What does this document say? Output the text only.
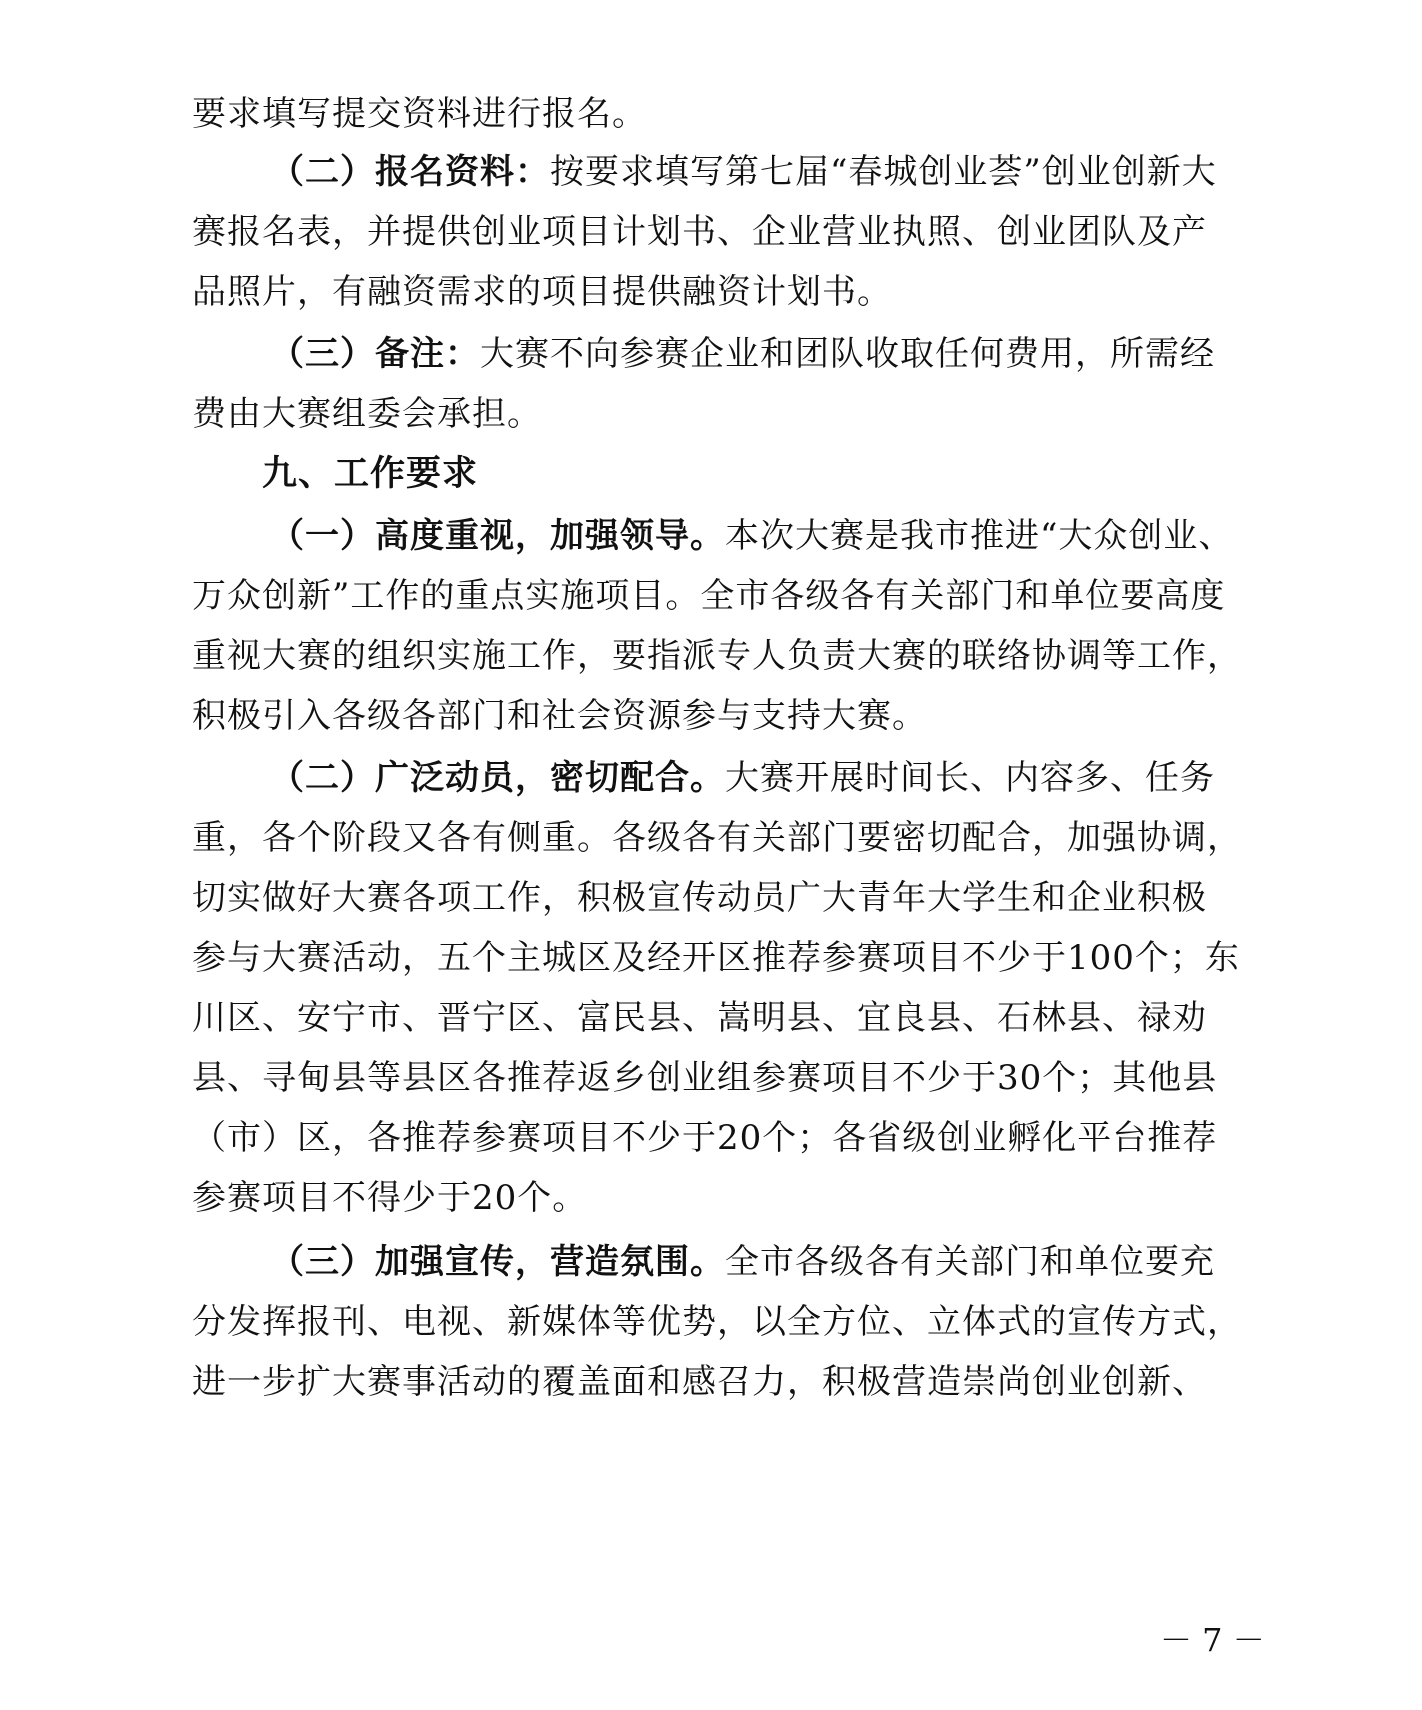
要求填写提交资料进行报名。
（二）报名资料：按要求填写第七届“春城创业荟”创业创新大
赛报名表，并提供创业项目计划书、企业营业执照、创业团队及产
品照片，有融资需求的项目提供融资计划书。
（三）备注：大赛不向参赛企业和团队收取任何费用，所需经
费由大赛组委会承担。
九、工作要求
（一）高度重视，加强领导。本次大赛是我市推进“大众创业、
万众创新”工作的重点实施项目。全市各级各有关部门和单位要高度
重视大赛的组织实施工作，要指派专人负责大赛的联络协调等工作，
积极引入各级各部门和社会资源参与支持大赛。
（二）广泛动员，密切配合。大赛开展时间长、内容多、任务
重，各个阶段又各有侧重。各级各有关部门要密切配合，加强协调，
切实做好大赛各项工作，积极宣传动员广大青年大学生和企业积极
参与大赛活动，五个主城区及经开区推荐参赛项目不少于100个；东
川区、安宁市、晋宁区、富民县、嵩明县、宜良县、石林县、禄劝
县、寻甸县等县区各推荐返乡创业组参赛项目不少于30个；其他县
（市）区，各推荐参赛项目不少于20个；各省级创业孵化平台推荐
参赛项目不得少于20个。
（三）加强宣传，营造氛围。全市各级各有关部门和单位要充
分发挥报刊、电视、新媒体等优势，以全方位、立体式的宣传方式，
进一步扩大赛事活动的覆盖面和感召力，积极营造崇尚创业创新、
－ 7 －
